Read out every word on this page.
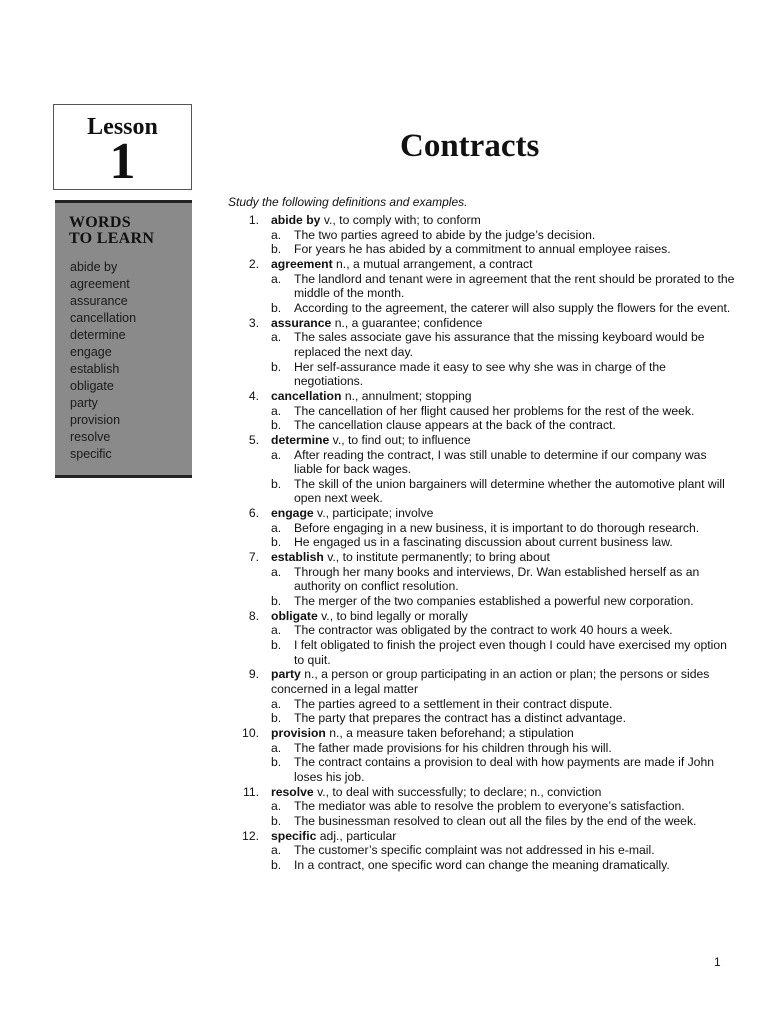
Lesson
1
WORDS
TO LEARN
abide by
agreement
assurance
cancellation
determine
engage
establish
obligate
party
provision
resolve
specific
Contracts
Study the following definitions and examples.
1. abide by v., to comply with; to conform
a. The two parties agreed to abide by the judge’s decision.
b. For years he has abided by a commitment to annual employee raises.
2. agreement n., a mutual arrangement, a contract
a. The landlord and tenant were in agreement that the rent should be prorated to the middle of the month.
b. According to the agreement, the caterer will also supply the flowers for the event.
3. assurance n., a guarantee; confidence
a. The sales associate gave his assurance that the missing keyboard would be replaced the next day.
b. Her self-assurance made it easy to see why she was in charge of the negotiations.
4. cancellation n., annulment; stopping
a. The cancellation of her flight caused her problems for the rest of the week.
b. The cancellation clause appears at the back of the contract.
5. determine v., to find out; to influence
a. After reading the contract, I was still unable to determine if our company was liable for back wages.
b. The skill of the union bargainers will determine whether the automotive plant will open next week.
6. engage v., participate; involve
a. Before engaging in a new business, it is important to do thorough research.
b. He engaged us in a fascinating discussion about current business law.
7. establish v., to institute permanently; to bring about
a. Through her many books and interviews, Dr. Wan established herself as an authority on conflict resolution.
b. The merger of the two companies established a powerful new corporation.
8. obligate v., to bind legally or morally
a. The contractor was obligated by the contract to work 40 hours a week.
b. I felt obligated to finish the project even though I could have exercised my option to quit.
9. party n., a person or group participating in an action or plan; the persons or sides concerned in a legal matter
a. The parties agreed to a settlement in their contract dispute.
b. The party that prepares the contract has a distinct advantage.
10. provision n., a measure taken beforehand; a stipulation
a. The father made provisions for his children through his will.
b. The contract contains a provision to deal with how payments are made if John loses his job.
11. resolve v., to deal with successfully; to declare; n., conviction
a. The mediator was able to resolve the problem to everyone’s satisfaction.
b. The businessman resolved to clean out all the files by the end of the week.
12. specific adj., particular
a. The customer’s specific complaint was not addressed in his e-mail.
b. In a contract, one specific word can change the meaning dramatically.
1
